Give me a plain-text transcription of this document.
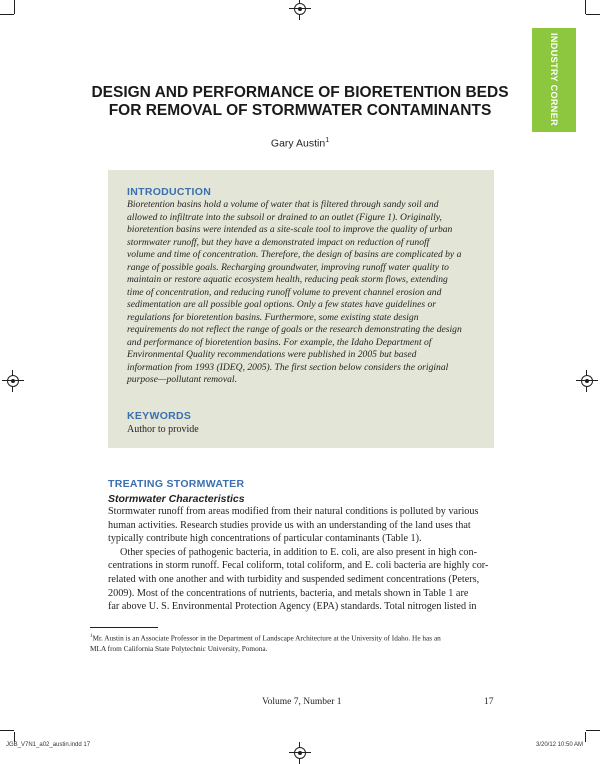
INDUSTRY CORNER
DESIGN AND PERFORMANCE OF BIORETENTION BEDS
FOR REMOVAL OF STORMWATER CONTAMINANTS
Gary Austin$^1$
INTRODUCTION
Bioretention basins hold a volume of water that is filtered through sandy soil and
allowed to infiltrate into the subsoil or drained to an outlet (Figure 1). Originally,
bioretention basins were intended as a site-scale tool to improve the quality of urban
stormwater runoff, but they have a demonstrated impact on reduction of runoff
volume and time of concentration. Therefore, the design of basins are complicated by a
range of possible goals. Recharging groundwater, improving runoff water quality to
maintain or restore aquatic ecosystem health, reducing peak storm flows, extending
time of concentration, and reducing runoff volume to prevent channel erosion and
sedimentation are all possible goal options. Only a few states have guidelines or
regulations for bioretention basins. Furthermore, some existing state design
requirements do not reflect the range of goals or the research demonstrating the design
and performance of bioretention basins. For example, the Idaho Department of
Environmental Quality recommendations were published in 2005 but based
information from 1993 (IDEQ, 2005). The first section below considers the original
purpose—pollutant removal.
KEYWORDS
Author to provide
TREATING STORMWATER
Stormwater Characteristics
Stormwater runoff from areas modified from their natural conditions is polluted by various
human activities. Research studies provide us with an understanding of the land uses that
typically contribute high concentrations of particular contaminants (Table 1).
Other species of pathogenic bacteria, in addition to E. coli, are also present in high con-
centrations in storm runoff. Fecal coliform, total coliform, and E. coli bacteria are highly cor-
related with one another and with turbidity and suspended sediment concentrations (Peters,
2009). Most of the concentrations of nutrients, bacteria, and metals shown in Table 1 are
far above U. S. Environmental Protection Agency (EPA) standards. Total nitrogen listed in
$^1$Mr. Austin is an Associate Professor in the Department of Landscape Architecture at the University of Idaho. He has an
MLA from California State Polytechnic University, Pomona.
Volume 7, Number 1	17
JGB_V7N1_a02_austin.indd 17	3/20/12 10:50 AM
